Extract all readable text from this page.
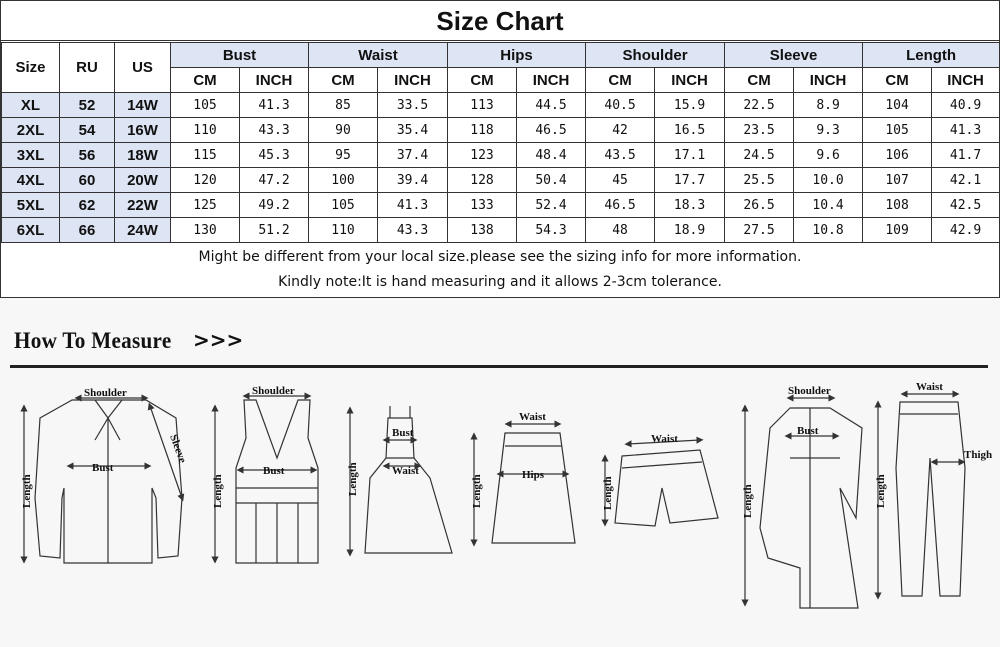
Size Chart
Size	RU	US	Bust		Waist		Hips		Shoulder		Sleeve		Length	
			CM	INCH	CM	INCH	CM	INCH	CM	INCH	CM	INCH	CM	INCH
XL	52	14W	105	41.3	85	33.5	113	44.5	40.5	15.9	22.5	8.9	104	40.9
2XL	54	16W	110	43.3	90	35.4	118	46.5	42	16.5	23.5	9.3	105	41.3
3XL	56	18W	115	45.3	95	37.4	123	48.4	43.5	17.1	24.5	9.6	106	41.7
4XL	60	20W	120	47.2	100	39.4	128	50.4	45	17.7	25.5	10.0	107	42.1
5XL	62	22W	125	49.2	105	41.3	133	52.4	46.5	18.3	26.5	10.4	108	42.5
6XL	66	24W	130	51.2	110	43.3	138	54.3	48	18.9	27.5	10.8	109	42.9
Might be different from your local size.please see the sizing info for more information.
Kindly note:It is hand measuring and it allows 2-3cm tolerance.
How To Measure >>>
Shoulder
Bust
Length
Sleeve
Shoulder
Bust
Length
Bust
Waist
Length
Waist
Hips
Length
Waist
Length
Shoulder
Bust
Length
Waist
Thigh
Length
